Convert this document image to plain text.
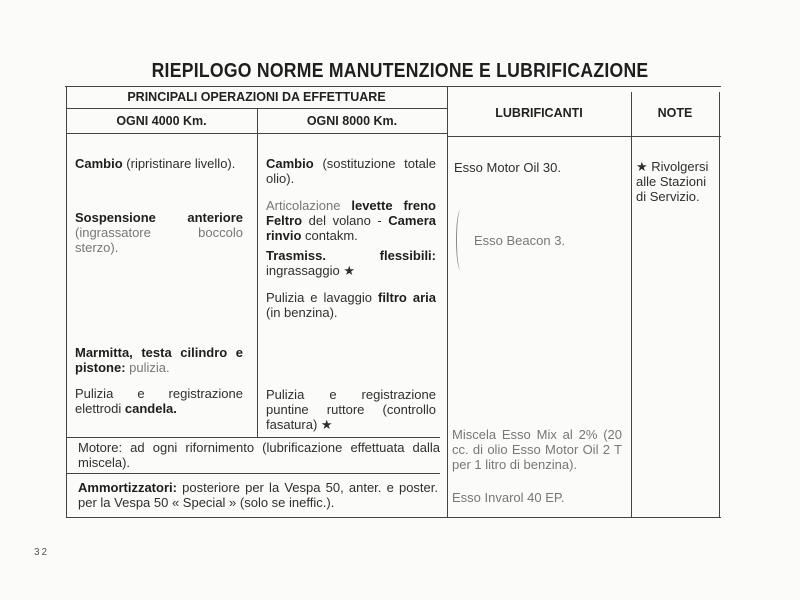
RIEPILOGO NORME MANUTENZIONE E LUBRIFICAZIONE
PRINCIPALI OPERAZIONI DA EFFETTUARE
OGNI 4000 Km.	OGNI 8000 Km.
LUBRIFICANTI	NOTE
Cambio (ripristinare livello).
Sospensione anteriore (ingrassatore boccolo sterzo).
Marmitta, testa cilindro e pistone: pulizia.
Pulizia e registrazione elettrodi candela.
Cambio (sostituzione totale olio).
Articolazione levette freno Feltro del volano - Camera rinvio contakm.
Trasmiss. flessibili: ingrassaggio ★
Pulizia e lavaggio filtro aria (in benzina).
Pulizia e registrazione puntine ruttore (controllo fasatura) ★
Motore: ad ogni rifornimento (lubrificazione effettuata dalla miscela).
Ammortizzatori: posteriore per la Vespa 50, anter. e poster. per la Vespa 50 « Special » (solo se ineffic.).
Esso Motor Oil 30.
Esso Beacon 3.
Miscela Esso Mix al 2% (20 cc. di olio Esso Motor Oil 2 T per 1 litro di benzina).
Esso Invarol 40 EP.
★ Rivolgersi alle Stazioni di Servizio.
32
